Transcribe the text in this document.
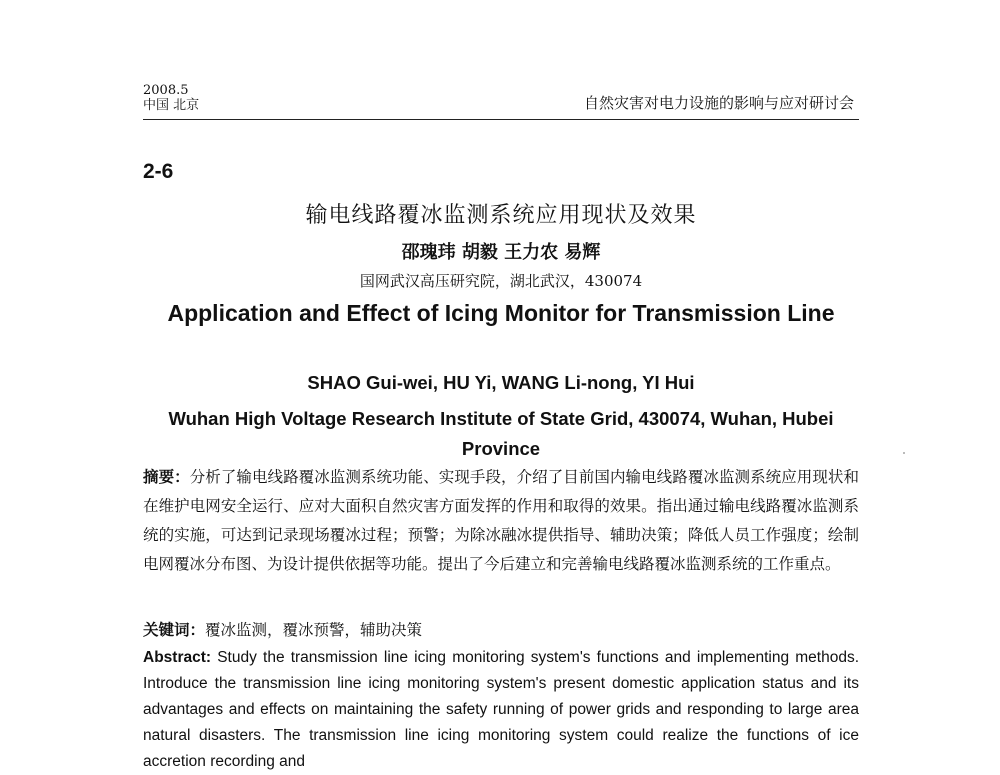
2008.5
中国 北京	自然灾害对电力设施的影响与应对研讨会
2-6
输电线路覆冰监测系统应用现状及效果
邵瑰玮 胡毅 王力农 易辉
国网武汉高压研究院，湖北武汉，430074
Application and Effect of Icing Monitor for Transmission Line
SHAO Gui-wei, HU Yi, WANG Li-nong, YI Hui
Wuhan High Voltage Research Institute of State Grid, 430074, Wuhan, Hubei Province
摘要：分析了输电线路覆冰监测系统功能、实现手段，介绍了目前国内输电线路覆冰监测系统应用现状和在维护电网安全运行、应对大面积自然灾害方面发挥的作用和取得的效果。指出通过输电线路覆冰监测系统的实施，可达到记录现场覆冰过程；预警；为除冰融冰提供指导、辅助决策；降低人员工作强度；绘制电网覆冰分布图、为设计提供依据等功能。提出了今后建立和完善输电线路覆冰监测系统的工作重点。
关键词：覆冰监测，覆冰预警，辅助决策
Abstract: Study the transmission line icing monitoring system's functions and implementing methods. Introduce the transmission line icing monitoring system's present domestic application status and its advantages and effects on maintaining the safety running of power grids and responding to large area natural disasters. The transmission line icing monitoring system could realize the functions of ice accretion recording and
